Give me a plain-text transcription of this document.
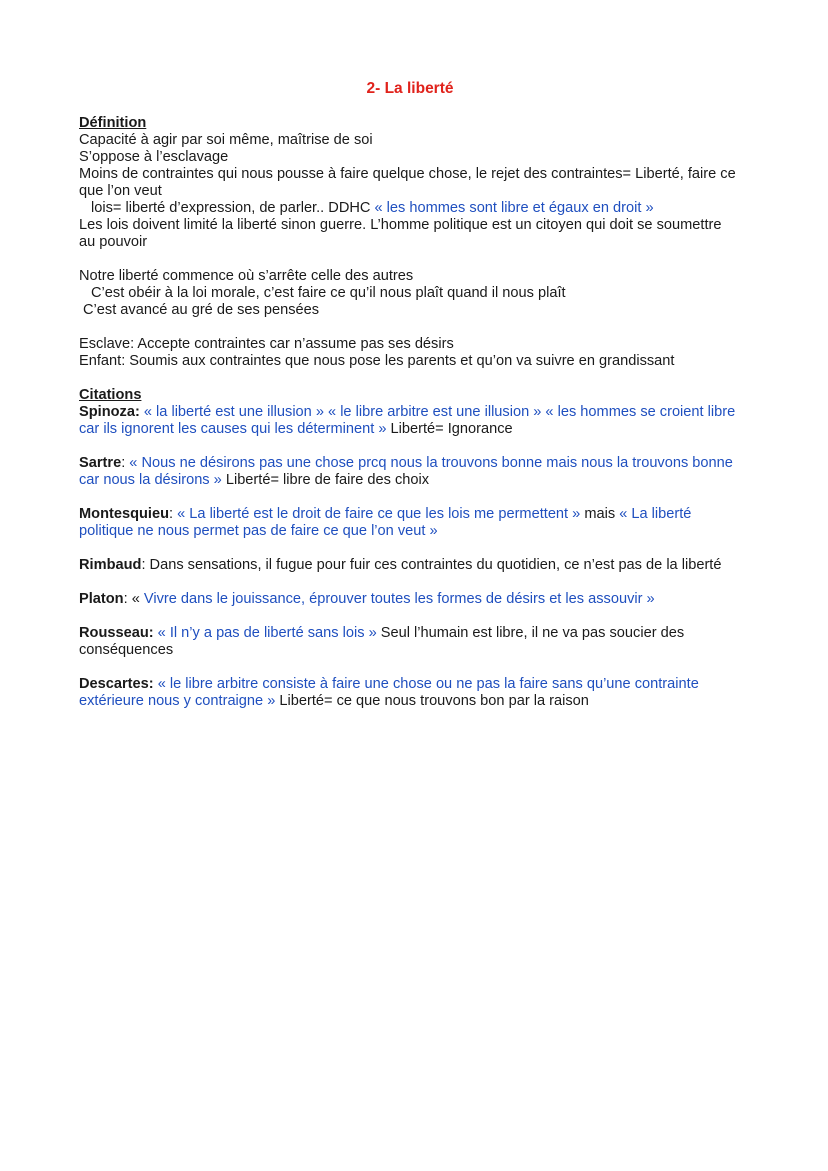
2- La liberté
Définition
Capacité à agir par soi même, maîtrise de soi
S’oppose à l’esclavage
Moins de contraintes qui nous pousse à faire quelque chose, le rejet des contraintes= Liberté, faire ce que l’on veut
lois= liberté d’expression, de parler.. DDHC « les hommes sont libre et égaux en droit »
Les lois doivent limité la liberté sinon guerre. L’homme politique est un citoyen qui doit se soumettre au pouvoir
Notre liberté commence où s’arrête celle des autres
C’est obéir à la loi morale, c’est faire ce qu’il nous plaît quand il nous plaît
C’est avancé au gré de ses pensées
Esclave: Accepte contraintes car n’assume pas ses désirs
Enfant: Soumis aux contraintes que nous pose les parents et qu’on va suivre en grandissant
Citations

Spinoza: « la liberté est une illusion » « le libre arbitre est une illusion » « les hommes se croient libre car ils ignorent les causes qui les déterminent » Liberté= Ignorance

Sartre: « Nous ne désirons pas une chose prcq nous la trouvons bonne mais nous la trouvons bonne car nous la désirons » Liberté= libre de faire des choix

Montesquieu: « La liberté est le droit de faire ce que les lois me permettent » mais « La liberté politique ne nous permet pas de faire ce que l’on veut »

Rimbaud: Dans sensations, il fugue pour fuir ces contraintes du quotidien, ce n’est pas de la liberté

Platon: « Vivre dans le jouissance, éprouver toutes les formes de désirs et les assouvir »

Rousseau: « Il n’y a pas de liberté sans lois » Seul l’humain est libre, il ne va pas soucier des conséquences

Descartes: « le libre arbitre consiste à faire une chose ou ne pas la faire sans qu’une contrainte extérieure nous y contraigne » Liberté= ce que nous trouvons bon par la raison
